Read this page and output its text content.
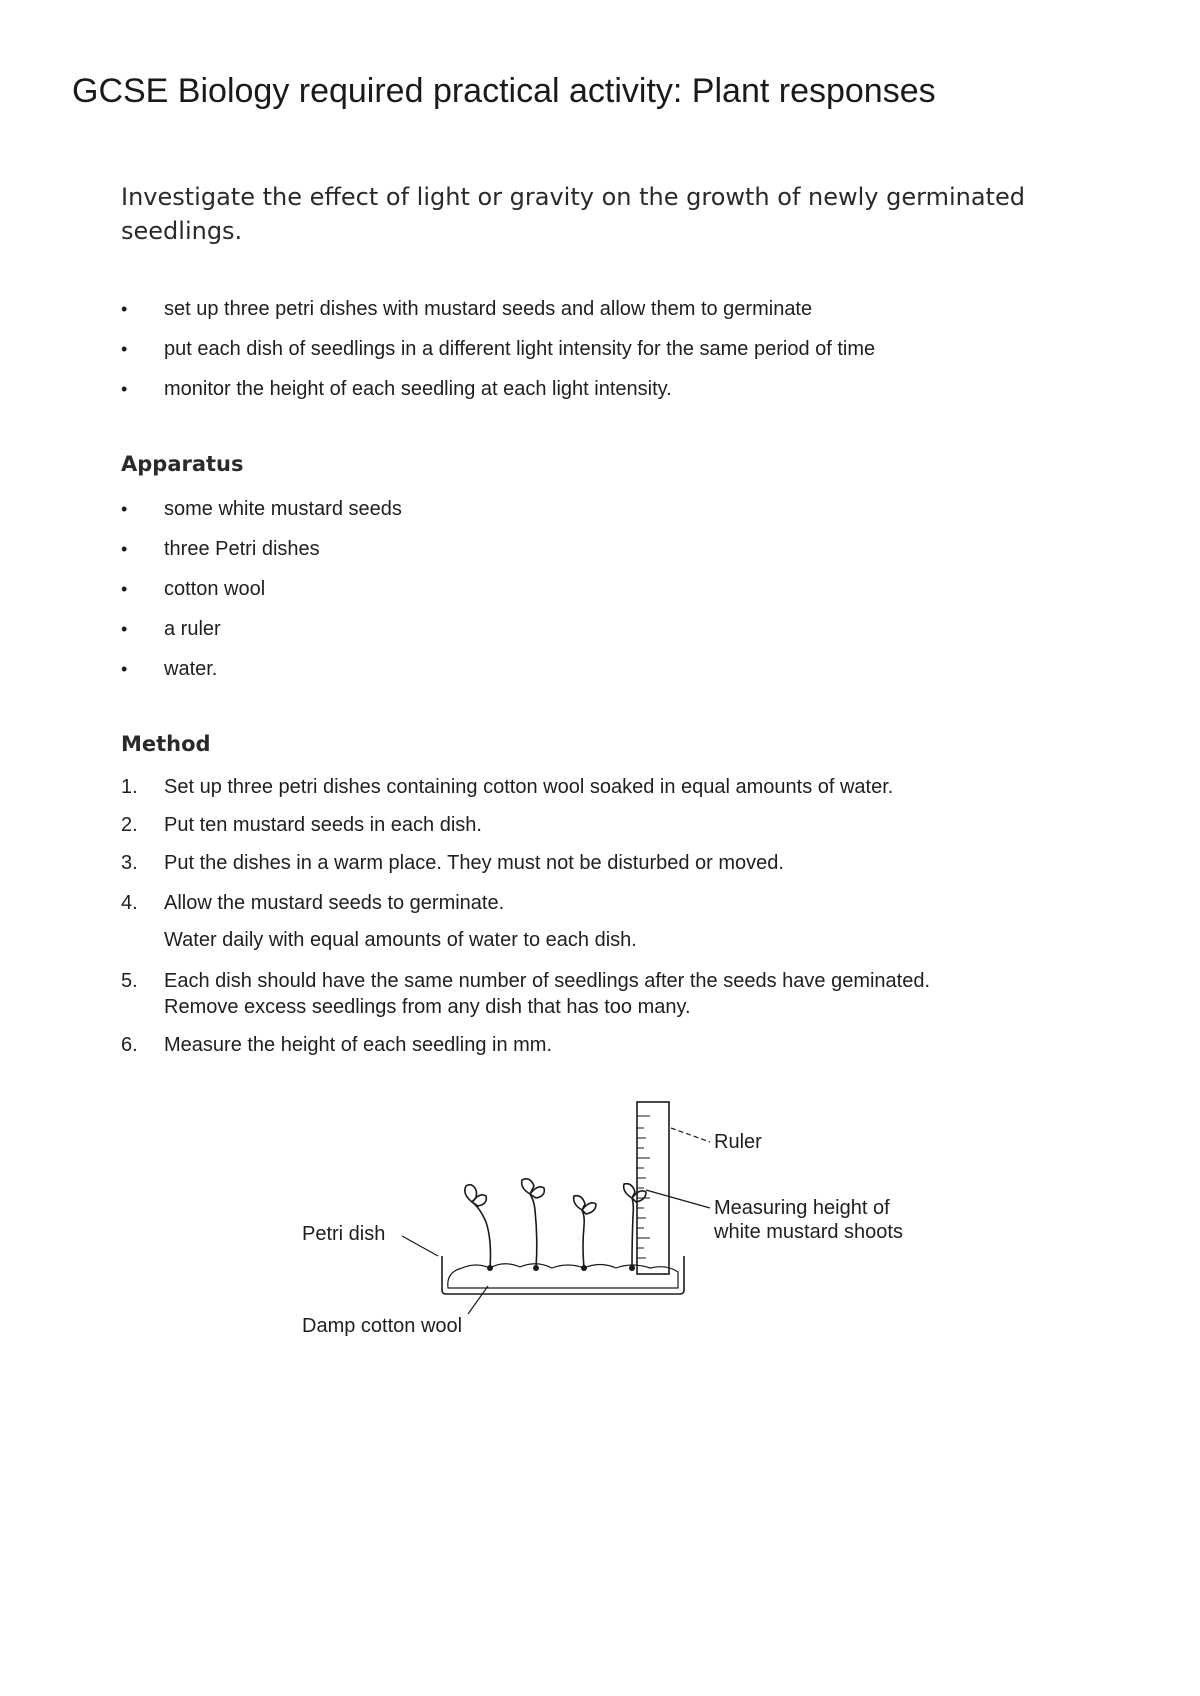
GCSE Biology required practical activity: Plant responses

Investigate the effect of light or gravity on the growth of newly germinated seedlings.

• set up three petri dishes with mustard seeds and allow them to germinate
• put each dish of seedlings in a different light intensity for the same period of time
• monitor the height of each seedling at each light intensity.
Apparatus
• some white mustard seeds
• three Petri dishes
• cotton wool
• a ruler
• water.
Method
1. Set up three petri dishes containing cotton wool soaked in equal amounts of water.
2. Put ten mustard seeds in each dish.
3. Put the dishes in a warm place. They must not be disturbed or moved.
4. Allow the mustard seeds to germinate.
Water daily with equal amounts of water to each dish.
5. Each dish should have the same number of seedlings after the seeds have geminated.
Remove excess seedlings from any dish that has too many.
6. Measure the height of each seedling in mm.
Ruler
Measuring height of
white mustard shoots
Petri dish
Damp cotton wool
